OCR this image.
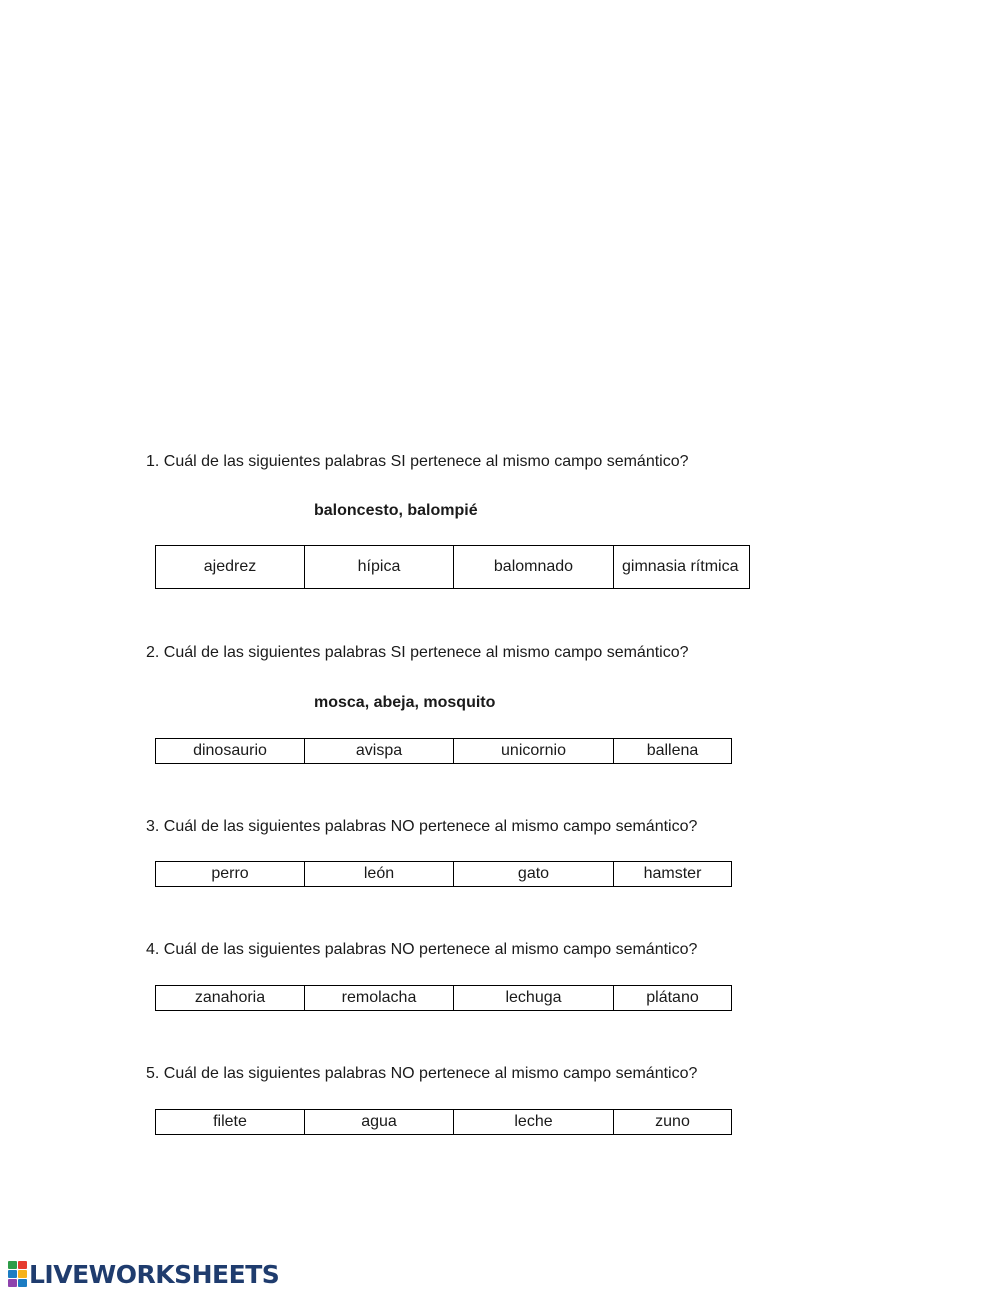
1. Cuál de las siguientes palabras SI pertenece al mismo campo semántico?
baloncesto, balompié
ajedrez	hípica	balomnado	gimnasia rítmica
2. Cuál de las siguientes palabras SI pertenece al mismo campo semántico?
mosca, abeja, mosquito
dinosaurio	avispa	unicornio	ballena
3. Cuál de las siguientes palabras NO pertenece al mismo campo semántico?
perro	león	gato	hamster
4. Cuál de las siguientes palabras NO pertenece al mismo campo semántico?
zanahoria	remolacha	lechuga	plátano
5. Cuál de las siguientes palabras NO pertenece al mismo campo semántico?
filete	agua	leche	zuno
LIVEWORKSHEETS
